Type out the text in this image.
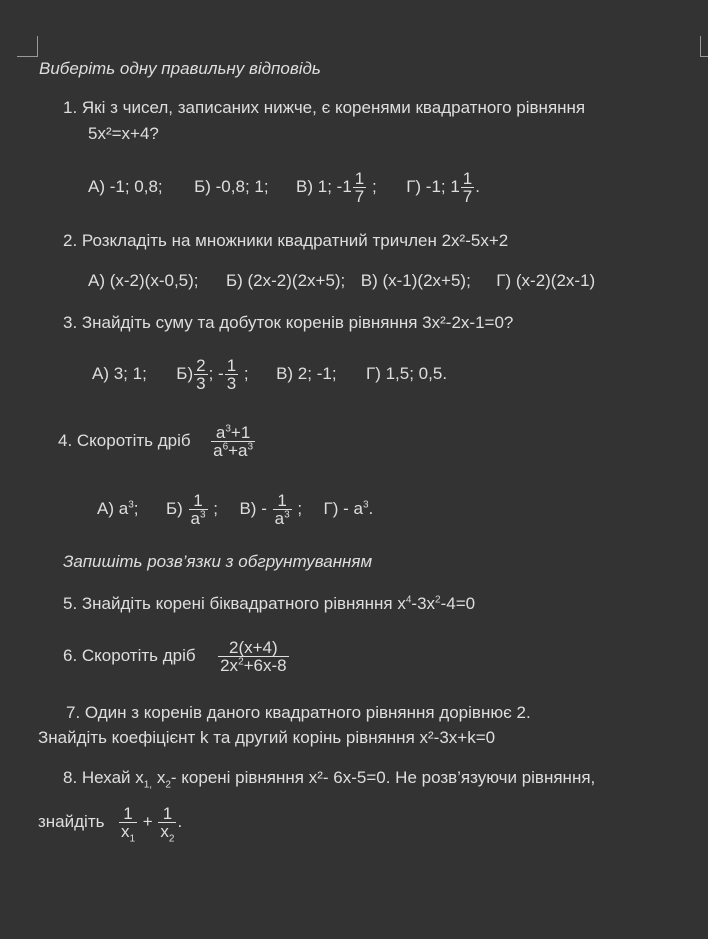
Виберіть одну правильну відповідь
1. Які з чисел, записаних нижче, є коренями квадратного рівняння
5x²=x+4?
А) -1; 0,8; Б) -0,8; 1; В) 1; $-1 \frac{1}{7}$ ; Г) -1; $1 \frac{1}{7}$ .
2. Розкладіть на множники квадратний тричлен 2x²-5x+2
А) (x-2)(x-0,5); Б) (2x-2)(2x+5); В) (x-1)(2x+5); Г) (x-2)(2x-1)
3. Знайдіть суму та добуток коренів рівняння 3x²-2x-1=0?
А) 3; 1; $Б) \frac{2}{3}$ ; - $\frac{1}{3}$ ; В) 2; -1; Г) 1,5; 0,5.
4. Скоротіть дріб $\frac{a^3+1}{a^6+a^3}$
А) $a^3$; $Б) \frac{1}{a^3}$ ; $В) - \frac{1}{a^3}$ ; $Г) - a^3$.
Запишіть розв’язки з обгрунтуванням
5. Знайдіть корені біквадратного рівняння $x^4-3x^2-4=0$
6. Скоротіть дріб $\frac{2(x+4)}{2x^2+6x-8}$
7. Один з коренів даного квадратного рівняння дорівнює 2.
Знайдіть коефіцієнт k та другий корінь рівняння x²-3x+k=0
8. Нехай $x_{1,}$ $x_2-$ корені рівняння x²- 6x-5=0. Не розв’язуючи рівняння,
знайдіть $\frac{1}{x_1} + \frac{1}{x_2}$ .
